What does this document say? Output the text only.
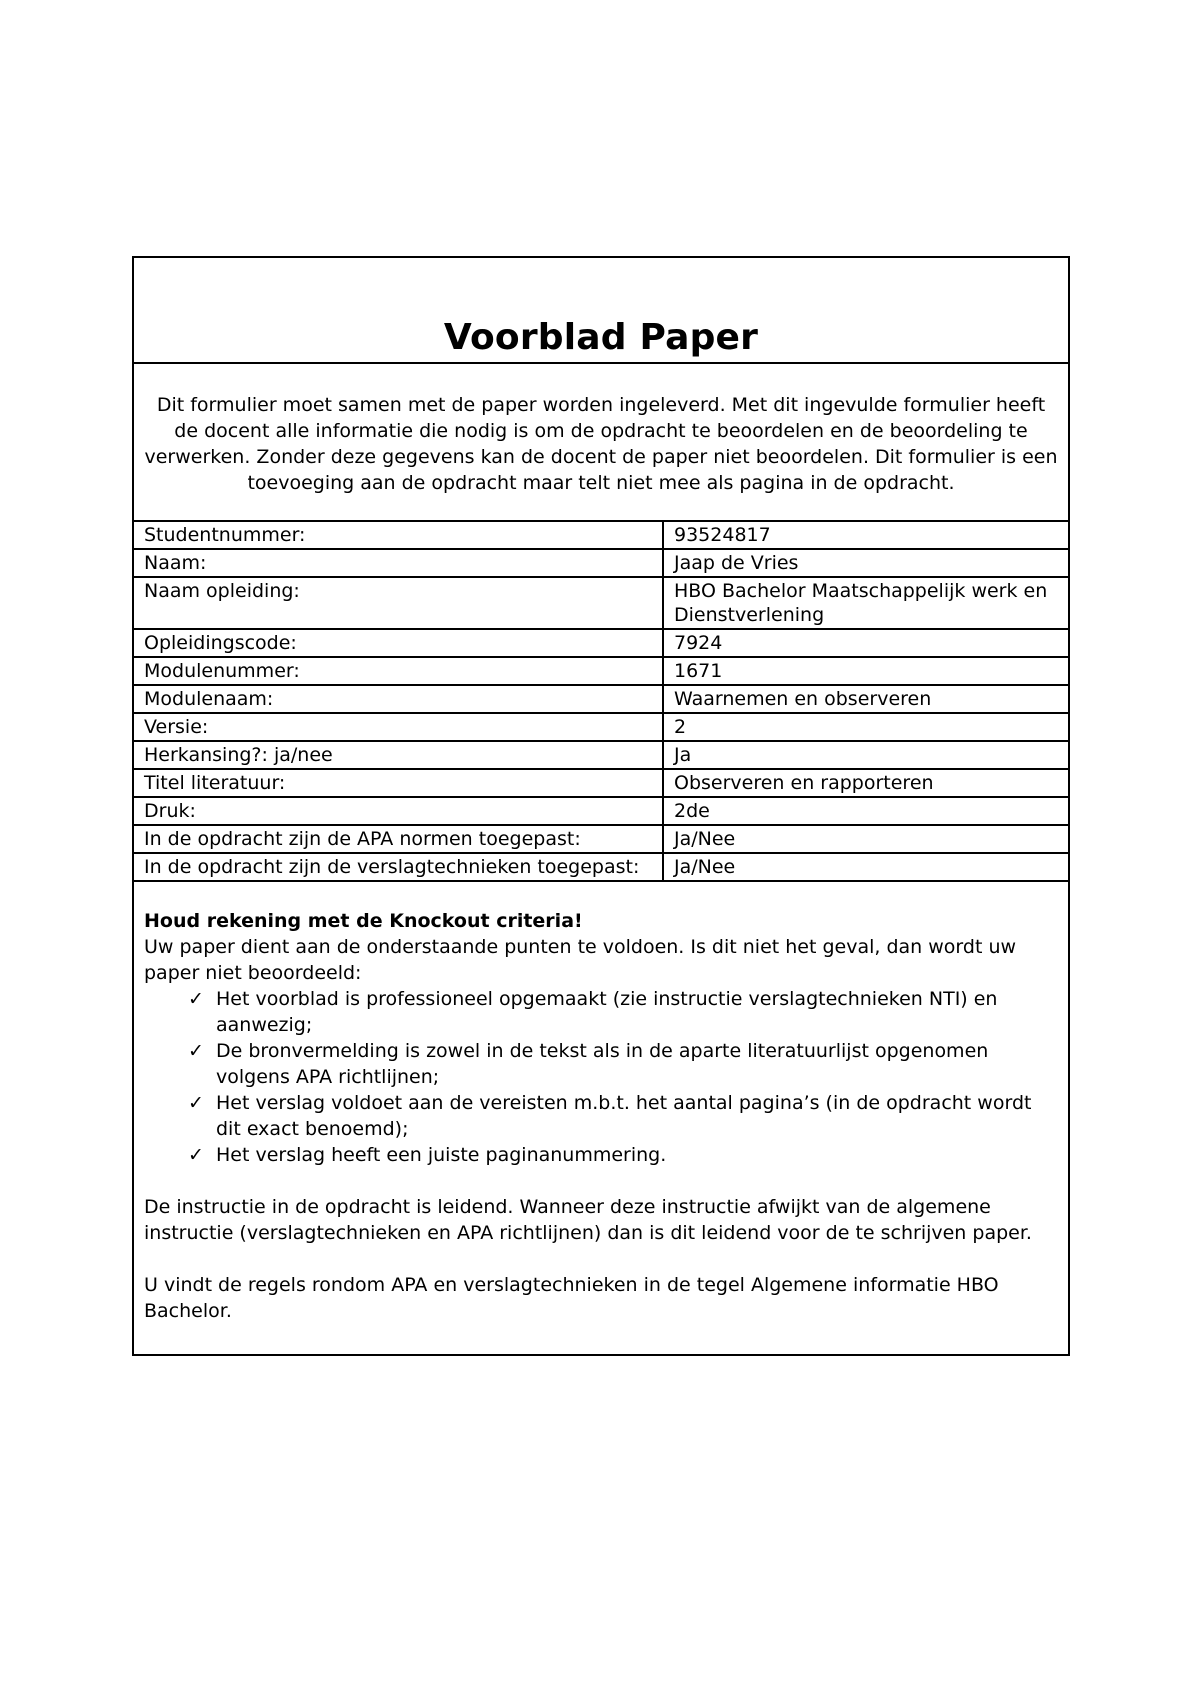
Voorblad Paper
Dit formulier moet samen met de paper worden ingeleverd. Met dit ingevulde formulier heeft de docent alle informatie die nodig is om de opdracht te beoordelen en de beoordeling te verwerken. Zonder deze gegevens kan de docent de paper niet beoordelen. Dit formulier is een toevoeging aan de opdracht maar telt niet mee als pagina in de opdracht.
Studentnummer:	93524817
Naam:	Jaap de Vries
Naam opleiding:	HBO Bachelor Maatschappelijk werk en Dienstverlening
Opleidingscode:	7924
Modulenummer:	1671
Modulenaam:	Waarnemen en observeren
Versie:	2
Herkansing?: ja/nee	Ja
Titel literatuur:	Observeren en rapporteren
Druk:	2de
In de opdracht zijn de APA normen toegepast:	Ja/Nee
In de opdracht zijn de verslagtechnieken toegepast:	Ja/Nee

Houd rekening met de Knockout criteria!

Uw paper dient aan de onderstaande punten te voldoen. Is dit niet het geval, dan wordt uw paper niet beoordeeld:

✓ Het voorblad is professioneel opgemaakt (zie instructie verslagtechnieken NTI) en aanwezig;
✓ De bronvermelding is zowel in de tekst als in de aparte literatuurlijst opgenomen volgens APA richtlijnen;
✓ Het verslag voldoet aan de vereisten m.b.t. het aantal pagina’s (in de opdracht wordt dit exact benoemd);
✓ Het verslag heeft een juiste paginanummering.

De instructie in de opdracht is leidend. Wanneer deze instructie afwijkt van de algemene instructie (verslagtechnieken en APA richtlijnen) dan is dit leidend voor de te schrijven paper.

U vindt de regels rondom APA en verslagtechnieken in de tegel Algemene informatie HBO Bachelor.
